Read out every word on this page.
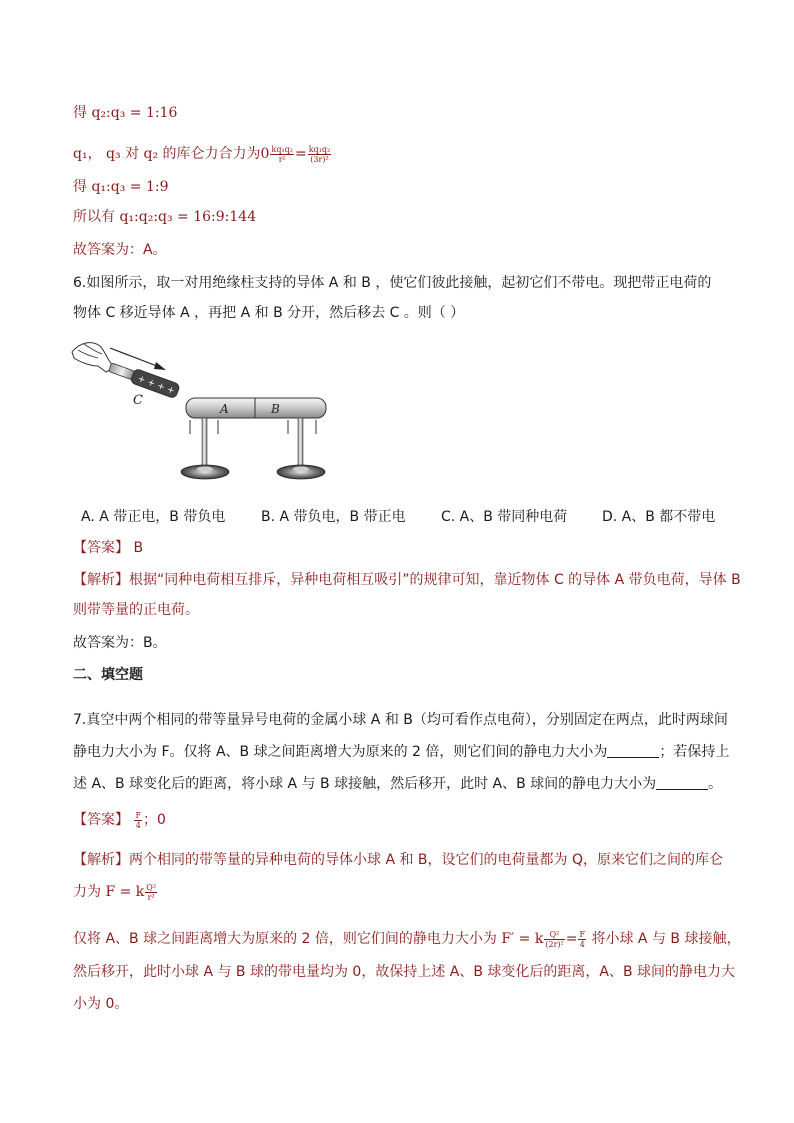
得 q₂:q₃ = 1:16
q₁， q₃ 对 q₂ 的库仑力合力为$0 \frac{\text{kq₁q₂}}{\text{r²}} = \frac{\text{kq₁q₂}}{\text{(3r)²}}$
得 q₁:q₃ = 1:9
所以有 q₁:q₂:q₃ = 16:9:144
故答案为：A。
6.如图所示，取一对用绝缘柱支持的导体 A 和 B ，使它们彼此接触，起初它们不带电。现把带正电荷的
物体 C 移近导体 A ，再把 A 和 B 分开，然后移去 C 。则（ ）
+ + + +
C
A	B
A. A 带正电，B 带负电	B. A 带负电，B 带正电	C. A、B 带同种电荷 D. A、B 都不带电
【答案】 B
【解析】根据“同种电荷相互排斥，异种电荷相互吸引”的规律可知，靠近物体 C 的导体 A 带负电荷，导体 B
则带等量的正电荷。
故答案为：B。
二、填空题
7.真空中两个相同的带等量异号电荷的金属小球 A 和 B（均可看作点电荷），分别固定在两点，此时两球间
静电力大小为 F。仅将 A、B 球之间距离增大为原来的 2 倍，则它们间的静电力大小为	；若保持上
述 A、B 球变化后的距离，将小球 A 与 B 球接触，然后移开，此时 A、B 球间的静电力大小为	。
【答案】 $\frac{F}{4}$ ；0
【解析】两个相同的带等量的异种电荷的导体小球 A 和 B，设它们的电荷量都为 Q，原来它们之间的库仑
力为 F = k $\frac{\text{Q²}}{\text{r²}}$
仅将 A、B 球之间距离增大为原来的 2 倍，则它们间的静电力大小为 F′ = k $\frac{\text{Q²}}{\text{(2r)²}} = \frac{F}{4}$ 将小球 A 与 B 球接触，
然后移开，此时小球 A 与 B 球的带电量均为 0，故保持上述 A、B 球变化后的距离，A、B 球间的静电力大
小为 0。
